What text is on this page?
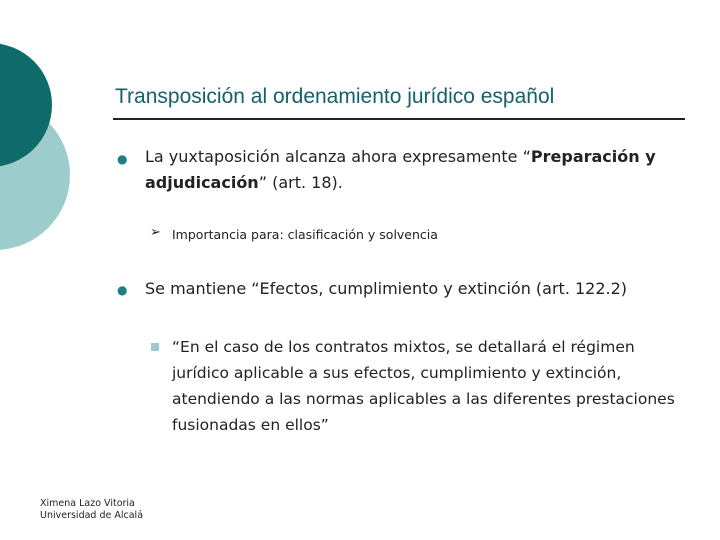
Transposición al ordenamiento jurídico español
● La yuxtaposición alcanza ahora expresamente “Preparación y adjudicación” (art. 18).
➢ Importancia para: clasificación y solvencia
● Se mantiene “Efectos, cumplimiento y extinción (art. 122.2)
“En el caso de los contratos mixtos, se detallará el régimen jurídico aplicable a sus efectos, cumplimiento y extinción, atendiendo a las normas aplicables a las diferentes prestaciones fusionadas en ellos”
Ximena Lazo Vitoria
Universidad de Alcalá
